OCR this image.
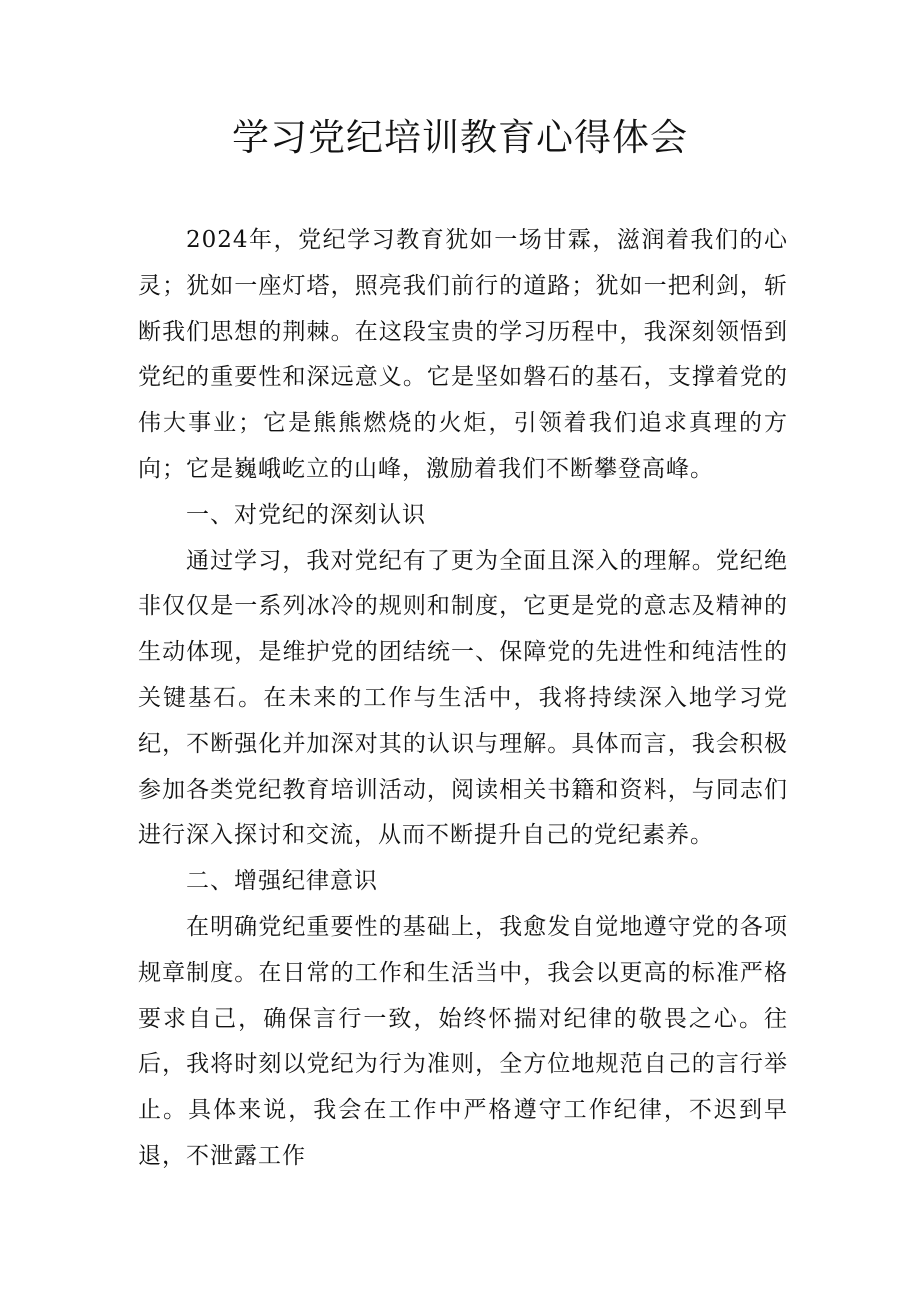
学习党纪培训教育心得体会

2024年，党纪学习教育犹如一场甘霖，滋润着我们的心灵；犹如一座灯塔，照亮我们前行的道路；犹如一把利剑，斩断我们思想的荆棘。在这段宝贵的学习历程中，我深刻领悟到党纪的重要性和深远意义。它是坚如磐石的基石，支撑着党的伟大事业；它是熊熊燃烧的火炬，引领着我们追求真理的方向；它是巍峨屹立的山峰，激励着我们不断攀登高峰。

一、对党纪的深刻认识

通过学习，我对党纪有了更为全面且深入的理解。党纪绝非仅仅是一系列冰冷的规则和制度，它更是党的意志及精神的生动体现，是维护党的团结统一、保障党的先进性和纯洁性的关键基石。在未来的工作与生活中，我将持续深入地学习党纪，不断强化并加深对其的认识与理解。具体而言，我会积极参加各类党纪教育培训活动，阅读相关书籍和资料，与同志们进行深入探讨和交流，从而不断提升自己的党纪素养。

二、增强纪律意识

在明确党纪重要性的基础上，我愈发自觉地遵守党的各项规章制度。在日常的工作和生活当中，我会以更高的标准严格要求自己，确保言行一致，始终怀揣对纪律的敬畏之心。往后，我将时刻以党纪为行为准则，全方位地规范自己的言行举止。具体来说，我会在工作中严格遵守工作纪律，不迟到早退，不泄露工作
